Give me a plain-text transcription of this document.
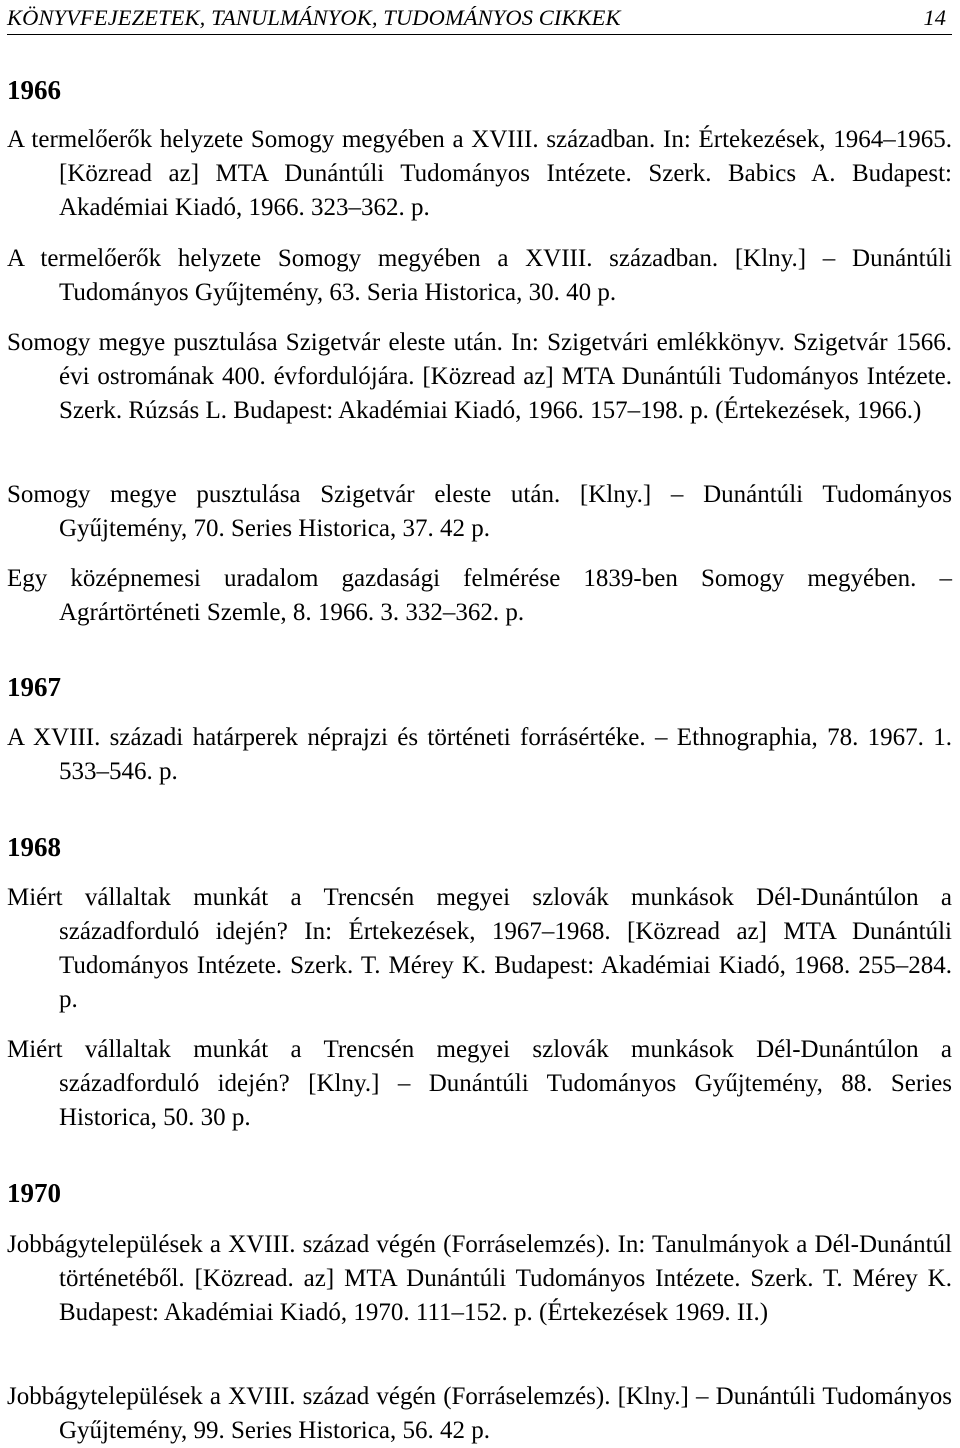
KÖNYVFEJEZETEK, TANULMÁNYOK, TUDOMÁNYOS CIKKEK	14
1966

A termelőerők helyzete Somogy megyében a XVIII. században. In: Értekezések, 1964–1965. [Közread az] MTA Dunántúli Tudományos Intézete. Szerk. Babics A. Budapest: Akadémiai Kiadó, 1966. 323–362. p.

A termelőerők helyzete Somogy megyében a XVIII. században. [Klny.] – Dunántúli Tudományos Gyűjtemény, 63. Seria Historica, 30. 40 p.

Somogy megye pusztulása Szigetvár eleste után. In: Szigetvári emlékkönyv. Szigetvár 1566. évi ostromának 400. évfordulójára. [Közread az] MTA Dunántúli Tudományos Intézete. Szerk. Rúzsás L. Budapest: Akadémiai Kiadó, 1966. 157–198. p. (Értekezések, 1966.)

Somogy megye pusztulása Szigetvár eleste után. [Klny.] – Dunántúli Tudományos Gyűjtemény, 70. Series Historica, 37. 42 p.

Egy középnemesi uradalom gazdasági felmérése 1839-ben Somogy megyében. – Agrártörténeti Szemle, 8. 1966. 3. 332–362. p.

1967

A XVIII. századi határperek néprajzi és történeti forrásértéke. – Ethnographia, 78. 1967. 1. 533–546. p.

1968

Miért vállaltak munkát a Trencsén megyei szlovák munkások Dél-Dunántúlon a századforduló idején? In: Értekezések, 1967–1968. [Közread az] MTA Dunántúli Tudományos Intézete. Szerk. T. Mérey K. Budapest: Akadémiai Kiadó, 1968. 255–284. p.

Miért vállaltak munkát a Trencsén megyei szlovák munkások Dél-Dunántúlon a századforduló idején? [Klny.] – Dunántúli Tudományos Gyűjtemény, 88. Series Historica, 50. 30 p.

1970

Jobbágytelepülések a XVIII. század végén (Forráselemzés). In: Tanulmányok a Dél-Dunántúl történetéből. [Közread. az] MTA Dunántúli Tudományos Intézete. Szerk. T. Mérey K. Budapest: Akadémiai Kiadó, 1970. 111–152. p. (Értekezések 1969. II.)

Jobbágytelepülések a XVIII. század végén (Forráselemzés). [Klny.] – Dunántúli Tudományos Gyűjtemény, 99. Series Historica, 56. 42 p.
